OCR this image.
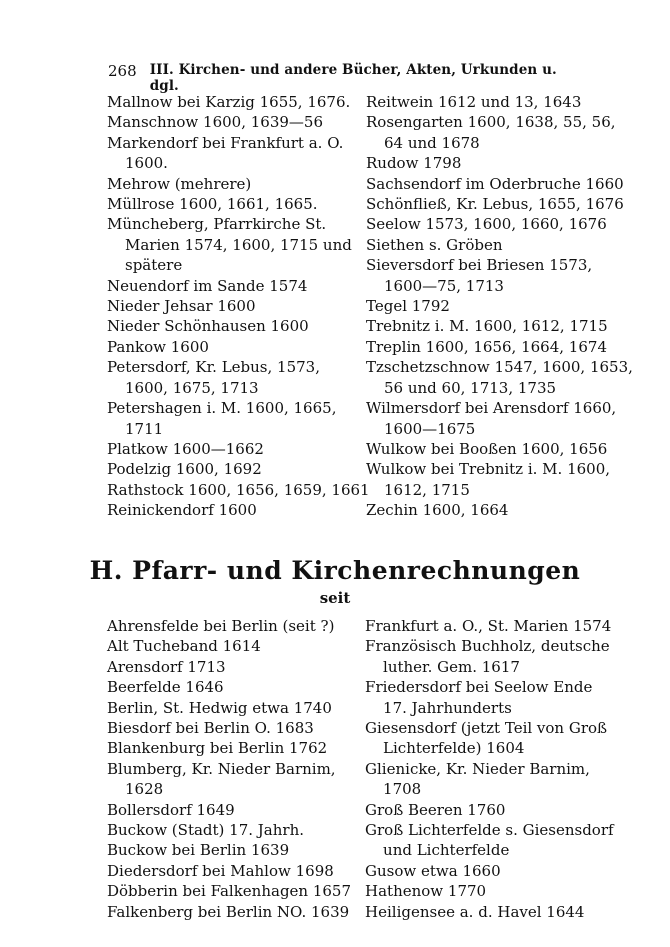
268 III. Kirchen- und andere Bücher, Akten, Urkunden u. dgl.
Mallnow bei Karzig 1655, 1676.
Manschnow 1600, 1639—56
Markendorf bei Frankfurt a. O.
1600.
Mehrow (mehrere)
Müllrose 1600, 1661, 1665.
Müncheberg, Pfarrkirche St.
Marien 1574, 1600, 1715 und
spätere
Neuendorf im Sande 1574
Nieder Jehsar 1600
Nieder Schönhausen 1600
Pankow 1600
Petersdorf, Kr. Lebus, 1573,
1600, 1675, 1713
Petershagen i. M. 1600, 1665,
1711
Platkow 1600—1662
Podelzig 1600, 1692
Rathstock 1600, 1656, 1659, 1661
Reinickendorf 1600
Reitwein 1612 und 13, 1643
Rosengarten 1600, 1638, 55, 56,
64 und 1678
Rudow 1798
Sachsendorf im Oderbruche 1660
Schönfließ, Kr. Lebus, 1655, 1676
Seelow 1573, 1600, 1660, 1676
Siethen s. Gröben
Sieversdorf bei Briesen 1573,
1600—75, 1713
Tegel 1792
Trebnitz i. M. 1600, 1612, 1715
Treplin 1600, 1656, 1664, 1674
Tzschetzschnow 1547, 1600, 1653,
56 und 60, 1713, 1735
Wilmersdorf bei Arensdorf 1660,
1600—1675
Wulkow bei Booßen 1600, 1656
Wulkow bei Trebnitz i. M. 1600,
1612, 1715
Zechin 1600, 1664
H. Pfarr- und Kirchenrechnungen
seit
Ahrensfelde bei Berlin (seit ?)
Alt Tucheband 1614
Arensdorf 1713
Beerfelde 1646
Berlin, St. Hedwig etwa 1740
Biesdorf bei Berlin O. 1683
Blankenburg bei Berlin 1762
Blumberg, Kr. Nieder Barnim,
1628
Bollersdorf 1649
Buckow (Stadt) 17. Jahrh.
Buckow bei Berlin 1639
Diedersdorf bei Mahlow 1698
Döbberin bei Falkenhagen 1657
Falkenberg bei Berlin NO. 1639
Frankfurt a. O., St. Marien 1574
Französisch Buchholz, deutsche
luther. Gem. 1617
Friedersdorf bei Seelow Ende
17. Jahrhunderts
Giesensdorf (jetzt Teil von Groß
Lichterfelde) 1604
Glienicke, Kr. Nieder Barnim,
1708
Groß Beeren 1760
Groß Lichterfelde s. Giesensdorf
und Lichterfelde
Gusow etwa 1660
Hathenow 1770
Heiligensee a. d. Havel 1644
